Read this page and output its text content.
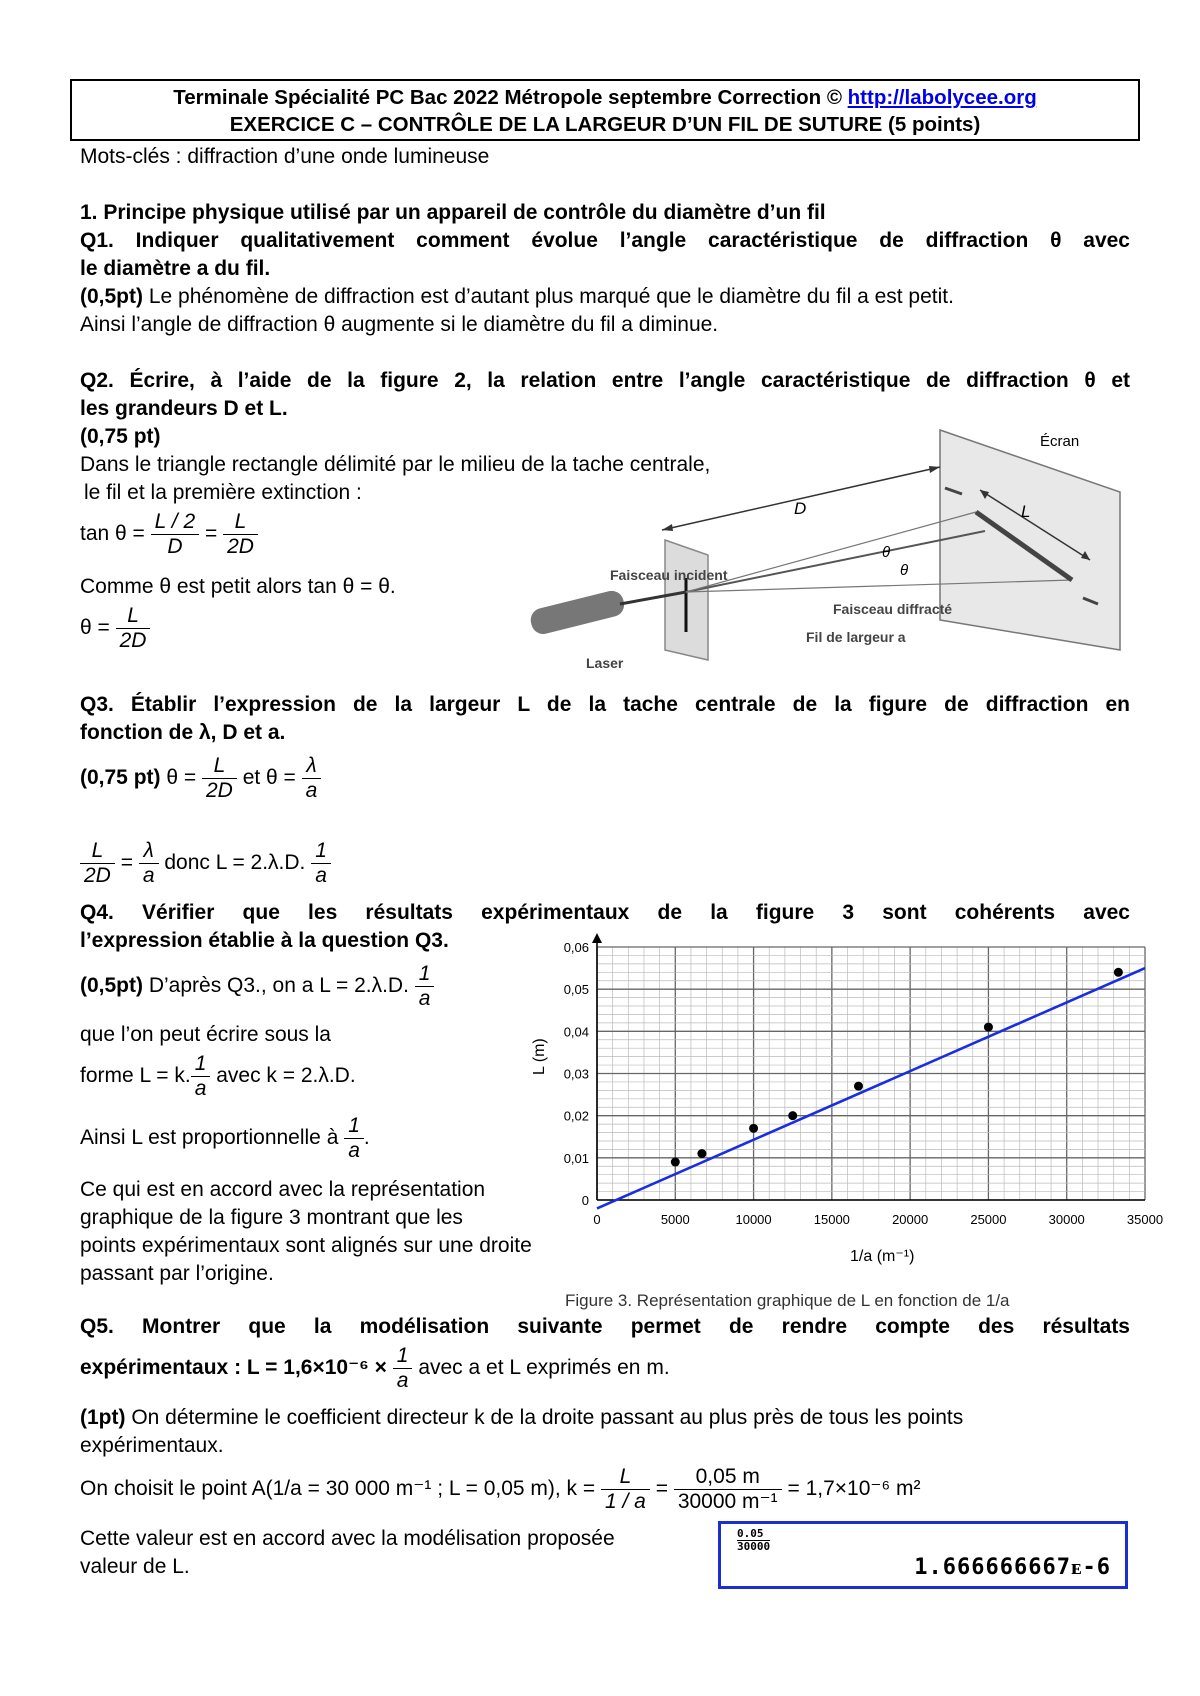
Terminale Spécialité PC Bac 2022 Métropole septembre Correction © http://labolycee.org
EXERCICE C – CONTRÔLE DE LA LARGEUR D’UN FIL DE SUTURE (5 points)
Mots-clés : diffraction d’une onde lumineuse
1. Principe physique utilisé par un appareil de contrôle du diamètre d’un fil
Q1. Indiquer qualitativement comment évolue l’angle caractéristique de diffraction θ avec
le diamètre a du fil.
(0,5pt) Le phénomène de diffraction est d’autant plus marqué que le diamètre du fil a est petit.
Ainsi l’angle de diffraction θ augmente si le diamètre du fil a diminue.
Q2. Écrire, à l’aide de la figure 2, la relation entre l’angle caractéristique de diffraction θ et
les grandeurs D et L.
(0,75 pt)
Dans le triangle rectangle délimité par le milieu de la tache centrale,
le fil et la première extinction :
$\tan \theta = \frac{L / 2}{D} = \frac{L}{2D}$
Comme θ est petit alors tan θ = θ.
$\theta = \frac{L}{2D}$
Écran
D	L
θ
θ
Faisceau incident
Faisceau diffracté
Fil de largeur a
Laser
Q3. Établir l’expression de la largeur L de la tache centrale de la figure de diffraction en
fonction de λ, D et a.
(0,75 pt) $\theta = \frac{L}{2D}$ et $\theta = \frac{\lambda}{a}$
$\frac{L}{2D} = \frac{\lambda}{a}$ donc L = 2.λ.D. $\frac{1}{a}$
Q4. Vérifier que les résultats expérimentaux de la figure 3 sont cohérents avec
l’expression établie à la question Q3.
(0,5pt) D’après Q3., on a L = 2.λ.D. $\frac{1}{a}$
que l’on peut écrire sous la
forme L = k. $\frac{1}{a}$ avec k = 2.λ.D.
Ainsi L est proportionnelle à $\frac{1}{a}$ .
Ce qui est en accord avec la représentation
graphique de la figure 3 montrant que les
points expérimentaux sont alignés sur une droite
passant par l’origine.
0	5000	10000	15000	20000	25000	30000	35000
0
0,01
0,02
0,03
0,04
0,05
0,06
1/a (m⁻¹)
L (m)
Figure 3. Représentation graphique de L en fonction de 1/a
Q5. Montrer que la modélisation suivante permet de rendre compte des résultats
expérimentaux : $L = 1,6\times 10^{-6} \times \frac{1}{a}$ avec a et L exprimés en m.
(1pt) On détermine le coefficient directeur k de la droite passant au plus près de tous les points
expérimentaux.
On choisit le point A(1/a = 30 000 m⁻¹ ; L = 0,05 m), $k = \frac{L}{1 / a} = \frac{0,05 m}{\text{30000 m⁻¹}} = 1,7\times 10^{-6}$ m²
Cette valeur est en accord avec la modélisation proposée
valeur de L.
0.05
30000
1.666666667ᴇ-6
